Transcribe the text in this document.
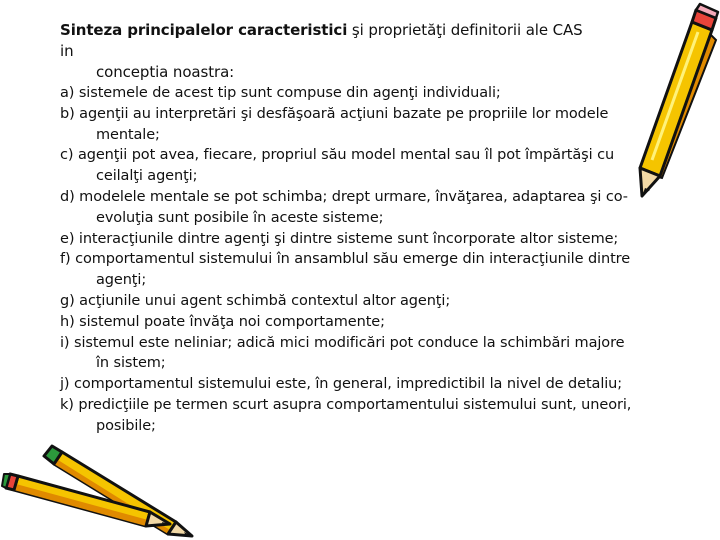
Sinteza principalelor caracteristici şi proprietăţi definitorii ale CAS in
conceptia noastra:
a) sistemele de acest tip sunt compuse din agenţi individuali;
b) agenţii au interpretări şi desfăşoară acţiuni bazate pe propriile lor modele
mentale;
c) agenţii pot avea, fiecare, propriul său model mental sau îl pot împărtăşi cu
ceilalţi agenţi;
d) modelele mentale se pot schimba; drept urmare, învăţarea, adaptarea şi co-
evoluţia sunt posibile în aceste sisteme;
e) interacţiunile dintre agenţi şi dintre sisteme sunt încorporate altor sisteme;
f) comportamentul sistemului în ansamblul său emerge din interacţiunile dintre
agenţi;
g) acţiunile unui agent schimbă contextul altor agenţi;
h) sistemul poate învăţa noi comportamente;
i) sistemul este neliniar; adică mici modificări pot conduce la schimbări majore
în sistem;
j) comportamentul sistemului este, în general, impredictibil la nivel de detaliu;
k) predicţiile pe termen scurt asupra comportamentului sistemului sunt, uneori,
posibile;
